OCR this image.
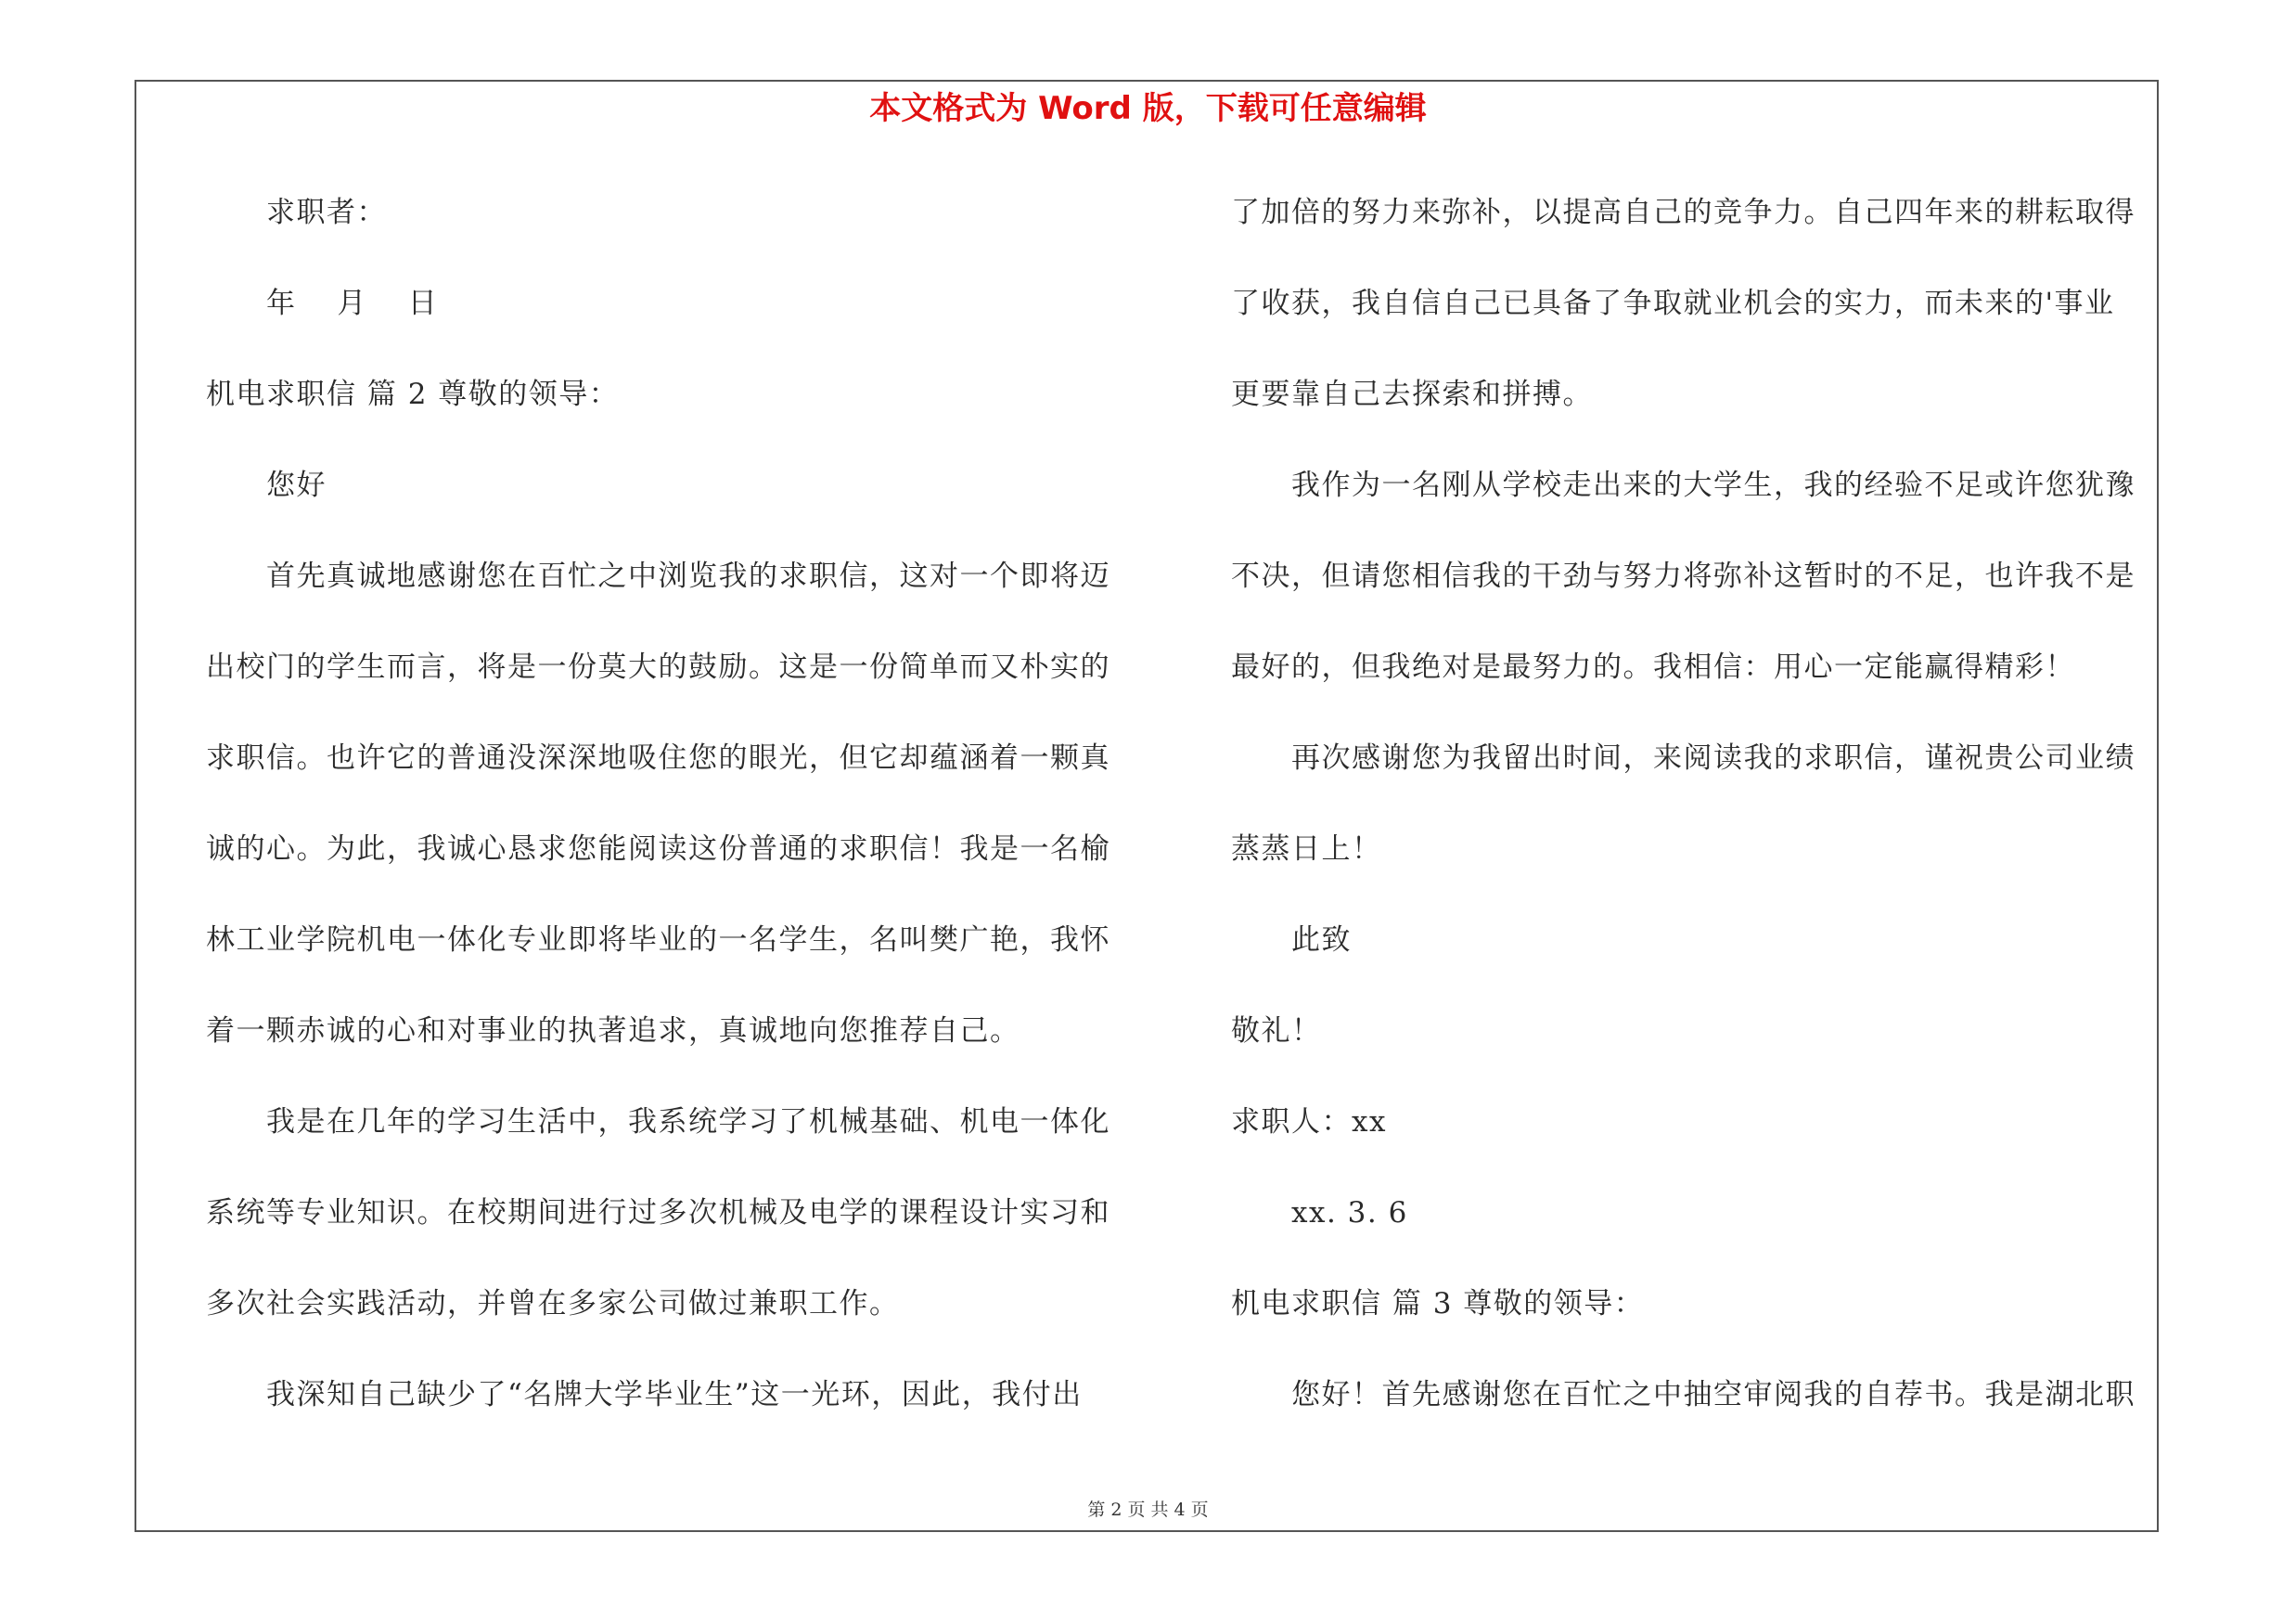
本文格式为 Word 版，下载可任意编辑
　　求职者：
　　年　 月　 日
机电求职信 篇 2 尊敬的领导：
　　您好
　　首先真诚地感谢您在百忙之中浏览我的求职信，这对一个即将迈
出校门的学生而言，将是一份莫大的鼓励。这是一份简单而又朴实的
求职信。也许它的普通没深深地吸住您的眼光，但它却蕴涵着一颗真
诚的心。为此，我诚心恳求您能阅读这份普通的求职信！我是一名榆
林工业学院机电一体化专业即将毕业的一名学生，名叫樊广艳，我怀
着一颗赤诚的心和对事业的执著追求，真诚地向您推荐自己。
　　我是在几年的学习生活中，我系统学习了机械基础、机电一体化
系统等专业知识。在校期间进行过多次机械及电学的课程设计实习和
多次社会实践活动，并曾在多家公司做过兼职工作。
　　我深知自己缺少了“名牌大学毕业生”这一光环，因此，我付出
了加倍的努力来弥补，以提高自己的竞争力。自己四年来的耕耘取得
了收获，我自信自己已具备了争取就业机会的实力，而未来的'事业
更要靠自己去探索和拼搏。
　　我作为一名刚从学校走出来的大学生，我的经验不足或许您犹豫
不决，但请您相信我的干劲与努力将弥补这暂时的不足，也许我不是
最好的，但我绝对是最努力的。我相信：用心一定能赢得精彩！
　　再次感谢您为我留出时间，来阅读我的求职信，谨祝贵公司业绩
蒸蒸日上！
　　此致
敬礼！
求职人：xx
　　xx. 3. 6
机电求职信 篇 3 尊敬的领导：
　　您好！首先感谢您在百忙之中抽空审阅我的自荐书。我是湖北职
第 2 页 共 4 页
